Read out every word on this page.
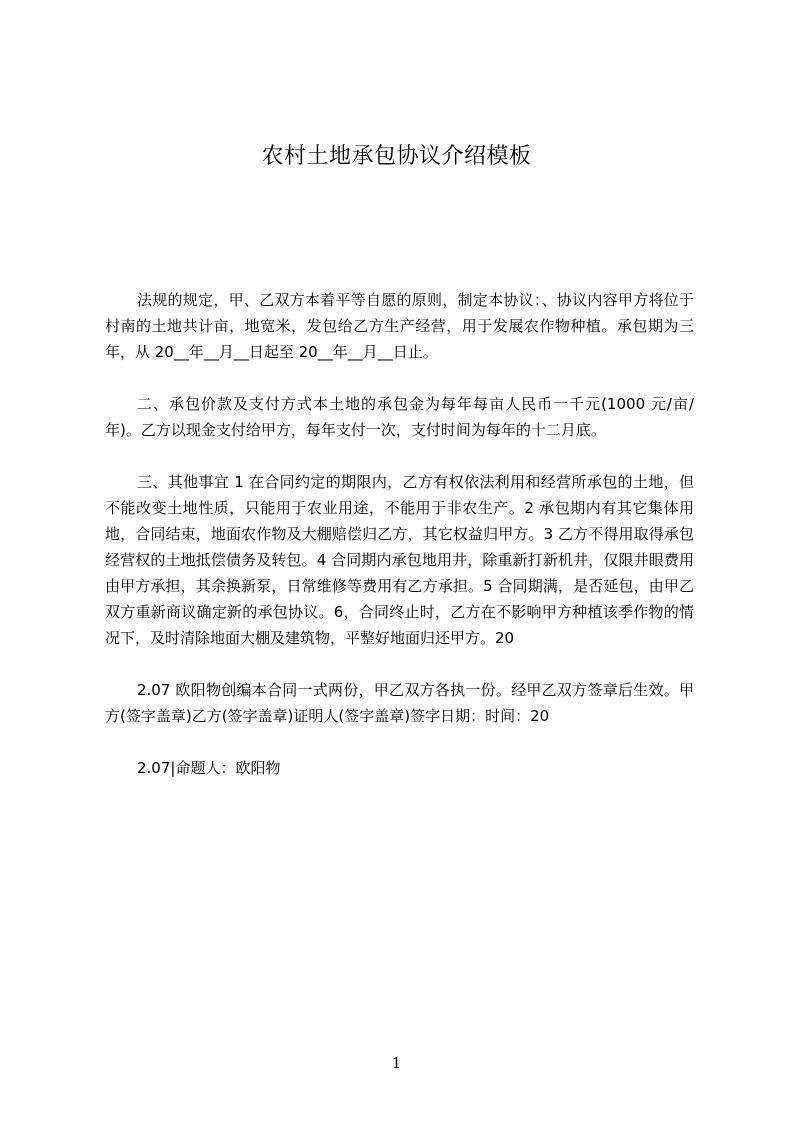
农村土地承包协议介绍模板

法规的规定，甲、乙双方本着平等自愿的原则，制定本协议：、协议内容甲方将位于村南的土地共计亩，地宽米，发包给乙方生产经营，用于发展农作物种植。承包期为三年，从 20__年__月__日起至 20__年__月__日止。

二、承包价款及支付方式本土地的承包金为每年每亩人民币一千元(1000 元/亩/年)。乙方以现金支付给甲方，每年支付一次，支付时间为每年的十二月底。

三、其他事宜 1 在合同约定的期限内，乙方有权依法利用和经营所承包的土地，但不能改变土地性质，只能用于农业用途，不能用于非农生产。2 承包期内有其它集体用地，合同结束，地面农作物及大棚赔偿归乙方，其它权益归甲方。3 乙方不得用取得承包经营权的土地抵偿债务及转包。4 合同期内承包地用井，除重新打新机井，仅限井眼费用由甲方承担，其余换新泵，日常维修等费用有乙方承担。5 合同期满，是否延包，由甲乙双方重新商议确定新的承包协议。6，合同终止时，乙方在不影响甲方种植该季作物的情况下，及时清除地面大棚及建筑物，平整好地面归还甲方。20

2.07 欧阳物创编本合同一式两份，甲乙双方各执一份。经甲乙双方签章后生效。甲方(签字盖章)乙方(签字盖章)证明人(签字盖章)签字日期：时间：20

2.07|命题人：欧阳物

1
